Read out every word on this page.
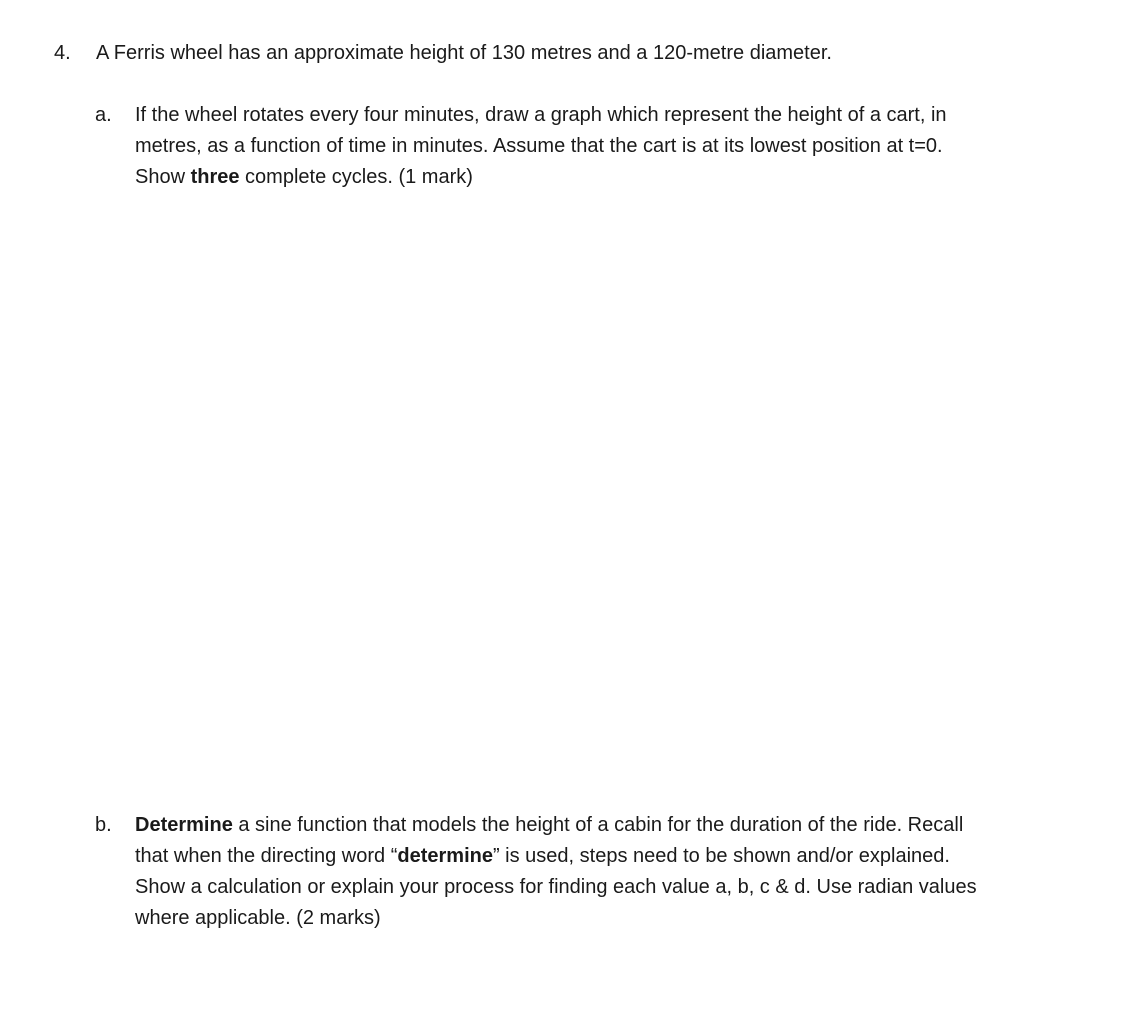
4. A Ferris wheel has an approximate height of 130 metres and a 120-metre diameter.
a. If the wheel rotates every four minutes, draw a graph which represent the height of a cart, in
metres, as a function of time in minutes. Assume that the cart is at its lowest position at t=0.
Show three complete cycles. (1 mark)
b. Determine a sine function that models the height of a cabin for the duration of the ride. Recall
that when the directing word “determine” is used, steps need to be shown and/or explained.
Show a calculation or explain your process for finding each value a, b, c & d. Use radian values
where applicable. (2 marks)
